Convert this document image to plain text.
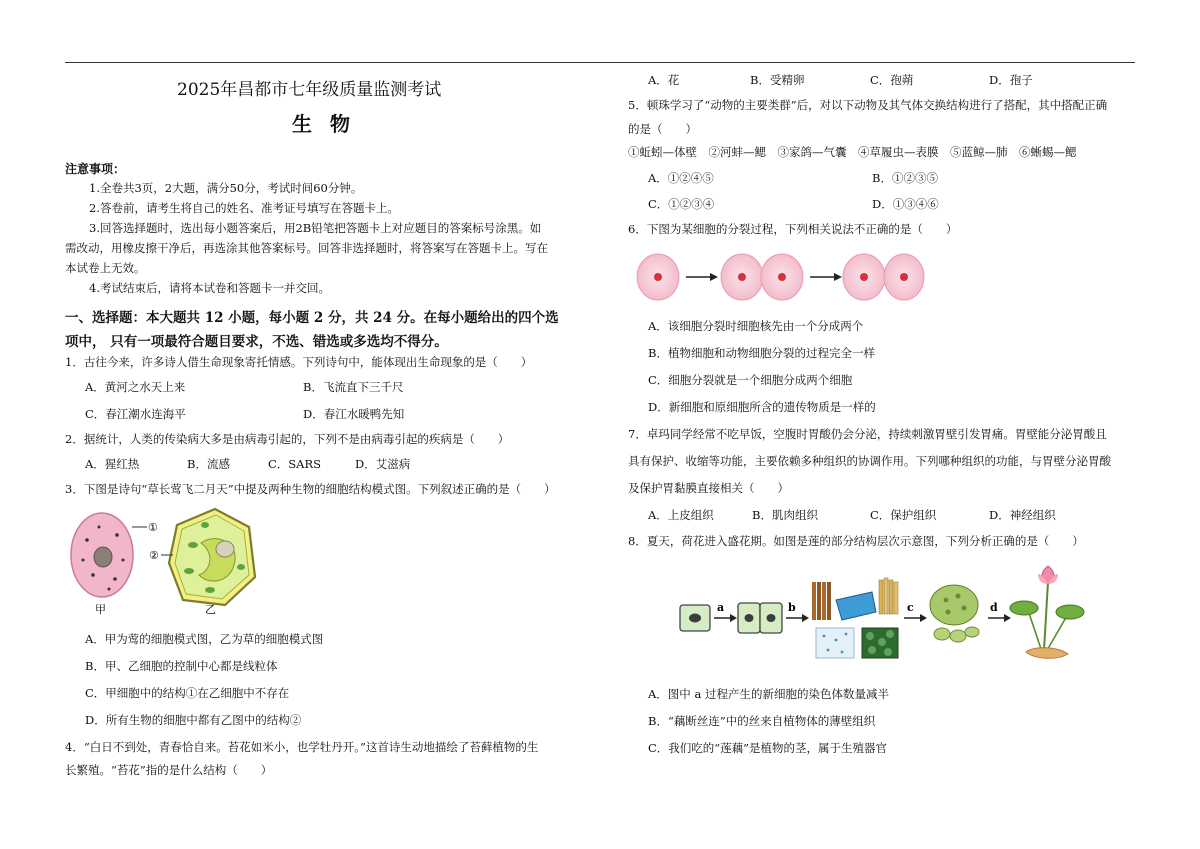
2025年昌都市七年级质量监测考试
生物
注意事项：
1.全卷共3页，2大题，满分50分，考试时间60分钟。
2.答卷前，请考生将自己的姓名、准考证号填写在答题卡上。
3.回答选择题时，选出每小题答案后，用2B铅笔把答题卡上对应题目的答案标号涂黑。如
需改动，用橡皮擦干净后，再选涂其他答案标号。回答非选择题时，将答案写在答题卡上。写在
本试卷上无效。
4.考试结束后，请将本试卷和答题卡一并交回。
一、选择题：本大题共 12 小题，每小题 2 分，共 24 分。在每小题给出的四个选
项中， 只有一项最符合题目要求，不选、错选或多选均不得分。
1．古往今来，许多诗人借生命现象寄托情感。下列诗句中，能体现出生命现象的是（　　）
A．黄河之水天上来	B．飞流直下三千尺
C．春江潮水连海平	D．春江水暖鸭先知
2．据统计，人类的传染病大多是由病毒引起的，下列不是由病毒引起的疾病是（　　）
A．猩红热	B．流感	C．SARS	D．艾滋病
3．下图是诗句“草长莺飞二月天”中提及两种生物的细胞结构模式图。下列叙述正确的是（　　）
甲	乙
①
②
A．甲为莺的细胞模式图，乙为草的细胞模式图
B．甲、乙细胞的控制中心都是线粒体
C．甲细胞中的结构①在乙细胞中不存在
D．所有生物的细胞中都有乙图中的结构②
4．“白日不到处，青春恰自来。苔花如米小，也学牡丹开。”这首诗生动地描绘了苔藓植物的生
长繁殖。“苔花”指的是什么结构（　　）
A．花	B．受精卵	C．孢蒴	D．孢子
5．顿珠学习了“动物的主要类群”后，对以下动物及其气体交换结构进行了搭配，其中搭配正确
的是（　　）
①蚯蚓—体壁　②河蚌—鳃　③家鸽—气囊　④草履虫—表膜　⑤蓝鲸—肺　⑥蜥蜴—鳃
A．①②④⑤	B．①②③⑤
C．①②③④	D．①③④⑥
6．下图为某细胞的分裂过程，下列相关说法不正确的是（　　）
A．该细胞分裂时细胞核先由一个分成两个
B．植物细胞和动物细胞分裂的过程完全一样
C．细胞分裂就是一个细胞分成两个细胞
D．新细胞和原细胞所含的遗传物质是一样的
7．卓玛同学经常不吃早饭，空腹时胃酸仍会分泌，持续刺激胃壁引发胃痛。胃壁能分泌胃酸且
具有保护、收缩等功能，主要依赖多种组织的协调作用。下列哪种组织的功能，与胃壁分泌胃酸
及保护胃黏膜直接相关（　　）
A．上皮组织	B．肌肉组织	C．保护组织	D．神经组织
8．夏天，荷花进入盛花期。如图是莲的部分结构层次示意图，下列分析正确的是（　　）
a	b	c	d
A．图中 a 过程产生的新细胞的染色体数量减半
B．“藕断丝连”中的丝来自植物体的薄壁组织
C．我们吃的“莲藕”是植物的茎，属于生殖器官
